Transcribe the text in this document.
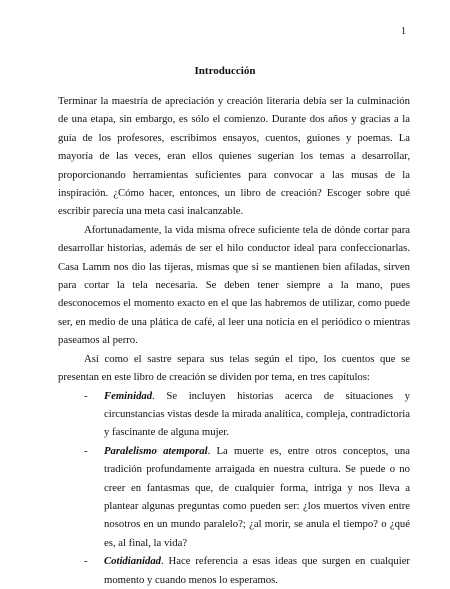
1
Introducción

Terminar la maestría de apreciación y creación literaria debía ser la culminación de una etapa, sin embargo, es sólo el comienzo. Durante dos años y gracias a la guía de los profesores, escribimos ensayos, cuentos, guiones y poemas. La mayoría de las veces, eran ellos quienes sugerían los temas a desarrollar, proporcionando herramientas suficientes para convocar a las musas de la inspiración. ¿Cómo hacer, entonces, un libro de creación? Escoger sobre qué escribir parecía una meta casi inalcanzable.

Afortunadamente, la vida misma ofrece suficiente tela de dónde cortar para desarrollar historias, además de ser el hilo conductor ideal para confeccionarlas. Casa Lamm nos dio las tijeras, mismas que si se mantienen bien afiladas, sirven para cortar la tela necesaria. Se deben tener siempre a la mano, pues desconocemos el momento exacto en el que las habremos de utilizar, como puede ser, en medio de una plática de café, al leer una noticia en el periódico o mientras paseamos al perro.

Así como el sastre separa sus telas según el tipo, los cuentos que se presentan en este libro de creación se dividen por tema, en tres capítulos:

- Feminidad. Se incluyen historias acerca de situaciones y circunstancias vistas desde la mirada analítica, compleja, contradictoria y fascinante de alguna mujer.
- Paralelismo atemporal. La muerte es, entre otros conceptos, una tradición profundamente arraigada en nuestra cultura. Se puede o no creer en fantasmas que, de cualquier forma, intriga y nos lleva a plantear algunas preguntas como pueden ser: ¿los muertos viven entre nosotros en un mundo paralelo?; ¿al morir, se anula el tiempo? o ¿qué es, al final, la vida?
- Cotidianidad. Hace referencia a esas ideas que surgen en cualquier momento y cuando menos lo esperamos.
